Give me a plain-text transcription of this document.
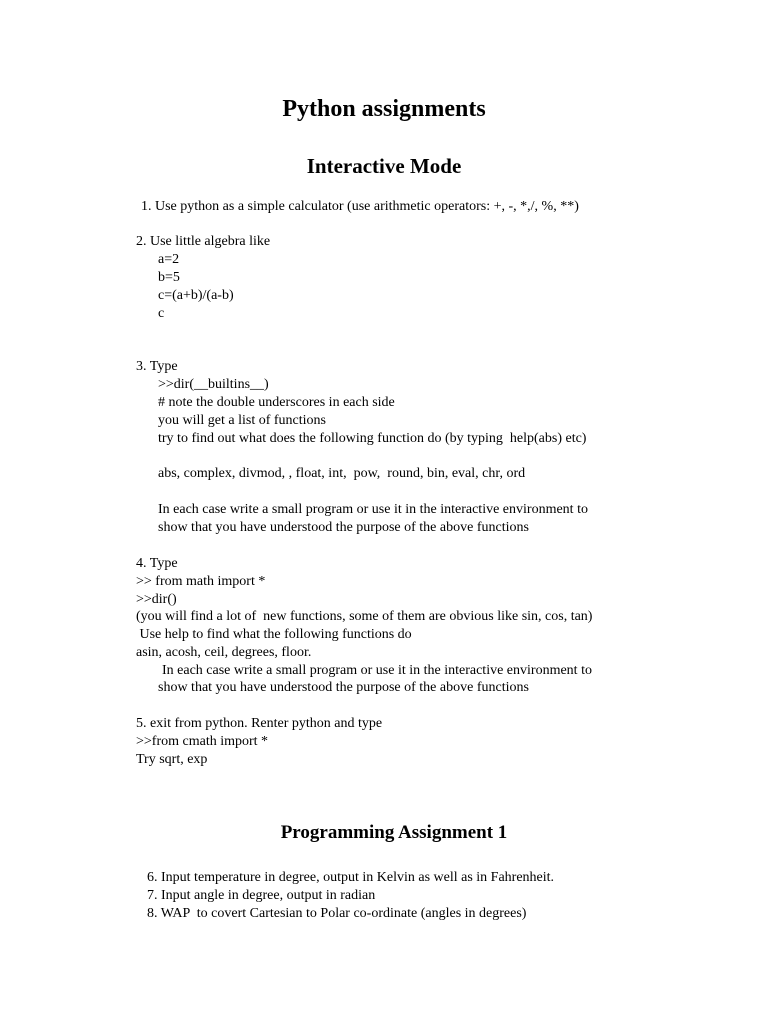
Python assignments
Interactive Mode
1. Use python as a simple calculator (use arithmetic operators: +, -, *,/, %, **)
2. Use little algebra like
a=2
b=5
c=(a+b)/(a-b)
c
3. Type
>>dir(__builtins__)
# note the double underscores in each side
you will get a list of functions
try to find out what does the following function do (by typing  help(abs) etc)
abs, complex, divmod, , float, int,  pow,  round, bin, eval, chr, ord
In each case write a small program or use it in the interactive environment to
show that you have understood the purpose of the above functions
4. Type
>> from math import *
>>dir()
(you will find a lot of  new functions, some of them are obvious like sin, cos, tan)
Use help to find what the following functions do
asin, acosh, ceil, degrees, floor.
In each case write a small program or use it in the interactive environment to
show that you have understood the purpose of the above functions
5. exit from python. Renter python and type
>>from cmath import *
Try sqrt, exp
Programming Assignment 1
6. Input temperature in degree, output in Kelvin as well as in Fahrenheit.
7. Input angle in degree, output in radian
8. WAP  to covert Cartesian to Polar co-ordinate (angles in degrees)
